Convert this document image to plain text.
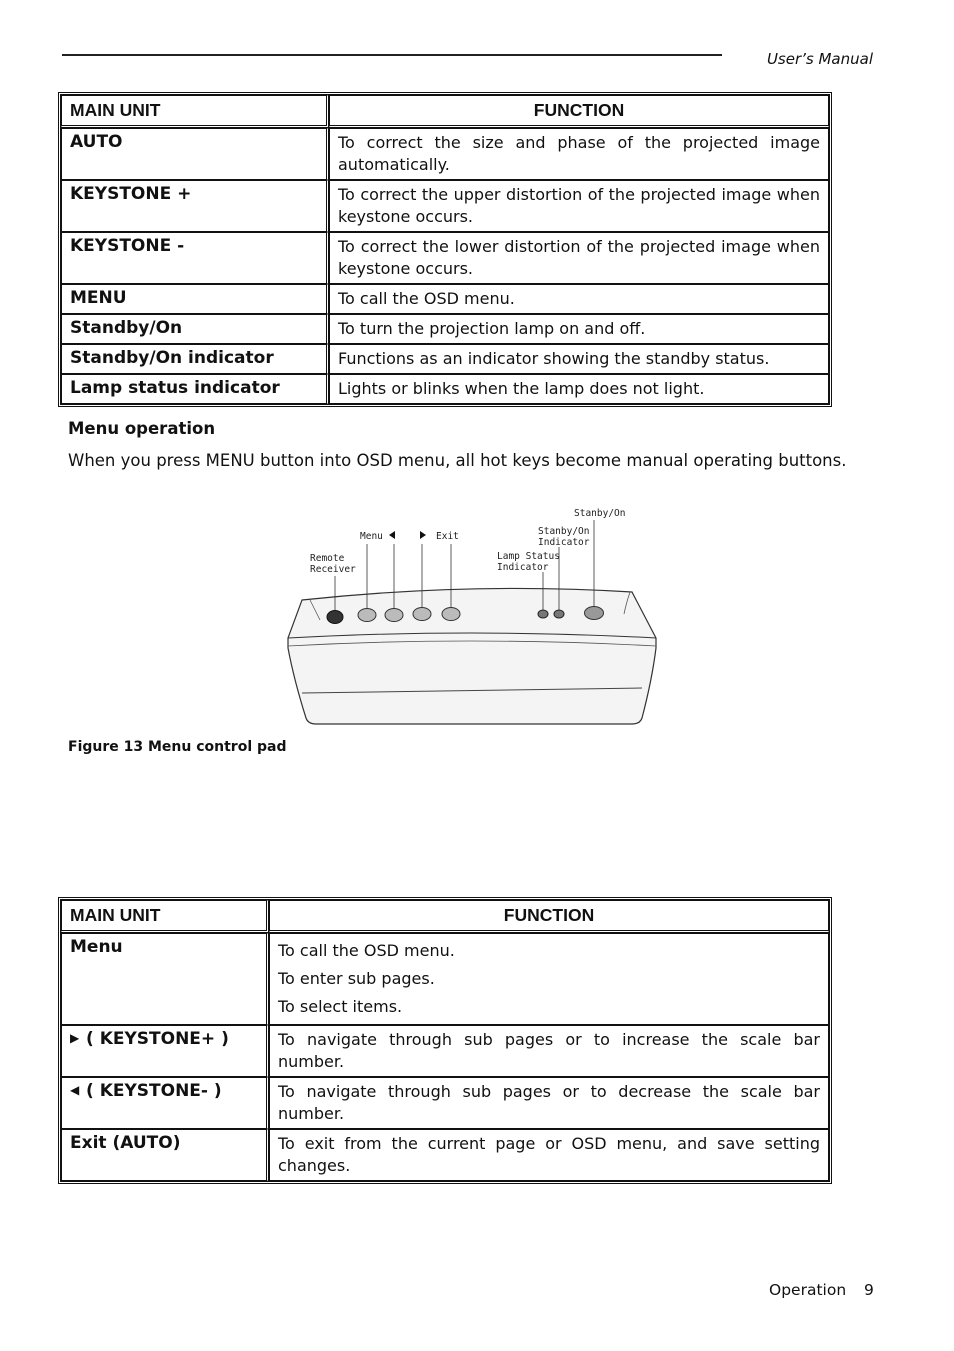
User’s Manual
MAIN UNIT	FUNCTION
AUTO	To correct the size and phase of the projected image automatically.
KEYSTONE +	To correct the upper distortion of the projected image when keystone occurs.
KEYSTONE -	To correct the lower distortion of the projected image when keystone occurs.
MENU	To call the OSD menu.
Standby/On	To turn the projection lamp on and off.
Standby/On indicator	Functions as an indicator showing the standby status.
Lamp status indicator	Lights or blinks when the lamp does not light.
Menu operation
When you press MENU button into OSD menu, all hot keys become manual operating buttons.
Remote
Receiver
Menu	Exit
Lamp Status
Indicator
Stanby/On
Indicator
Stanby/On
Figure 13 Menu control pad
MAIN UNIT	FUNCTION
Menu	To call the OSD menu.
To enter sub pages.
To select items.

▶ ( KEYSTONE+ )	To navigate through sub pages or to increase the scale bar number.
◀ ( KEYSTONE- )	To navigate through sub pages or to decrease the scale bar number.
Exit (AUTO)	To exit from the current page or OSD menu, and save setting changes.
Operation 9
